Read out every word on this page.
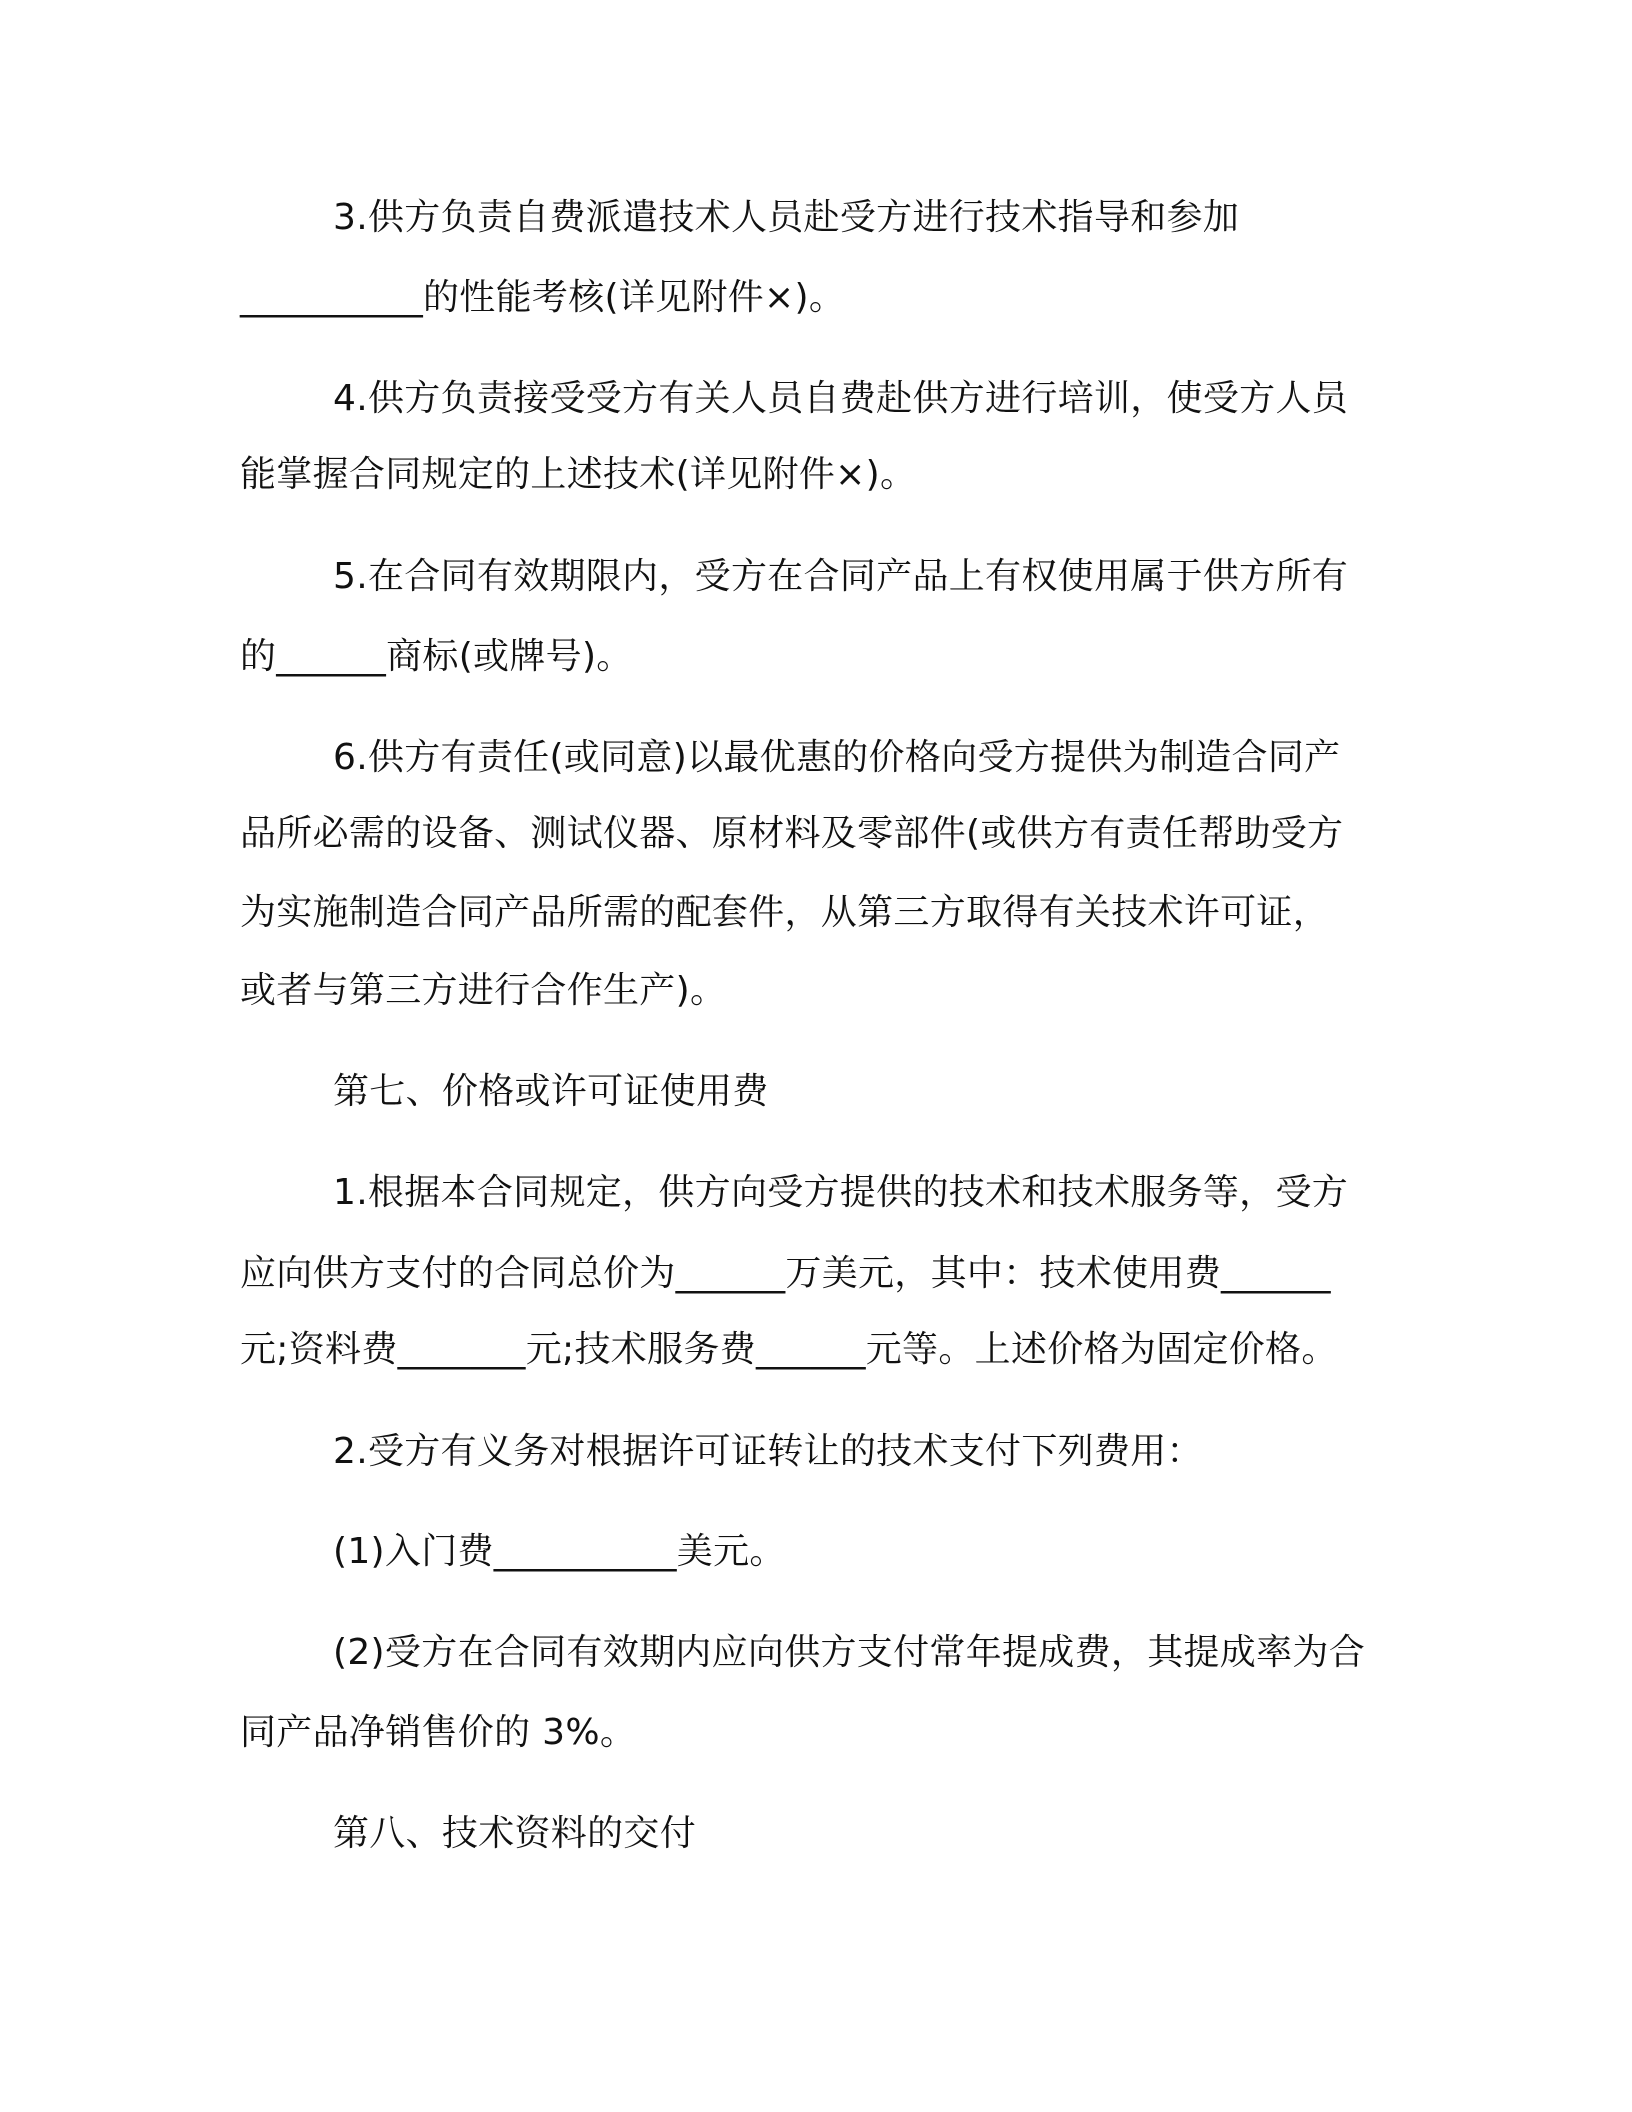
3.供方负责自费派遣技术人员赴受方进行技术指导和参加

__________的性能考核(详见附件×)。

4.供方负责接受受方有关人员自费赴供方进行培训，使受方人员

能掌握合同规定的上述技术(详见附件×)。

5.在合同有效期限内，受方在合同产品上有权使用属于供方所有

的______商标(或牌号)。

6.供方有责任(或同意)以最优惠的价格向受方提供为制造合同产

品所必需的设备、测试仪器、原材料及零部件(或供方有责任帮助受方

为实施制造合同产品所需的配套件，从第三方取得有关技术许可证，

或者与第三方进行合作生产)。

第七、价格或许可证使用费

1.根据本合同规定，供方向受方提供的技术和技术服务等，受方

应向供方支付的合同总价为______万美元，其中：技术使用费______

元;资料费_______元;技术服务费______元等。上述价格为固定价格。

2.受方有义务对根据许可证转让的技术支付下列费用：

(1)入门费__________美元。

(2)受方在合同有效期内应向供方支付常年提成费，其提成率为合

同产品净销售价的 3%。

第八、技术资料的交付
